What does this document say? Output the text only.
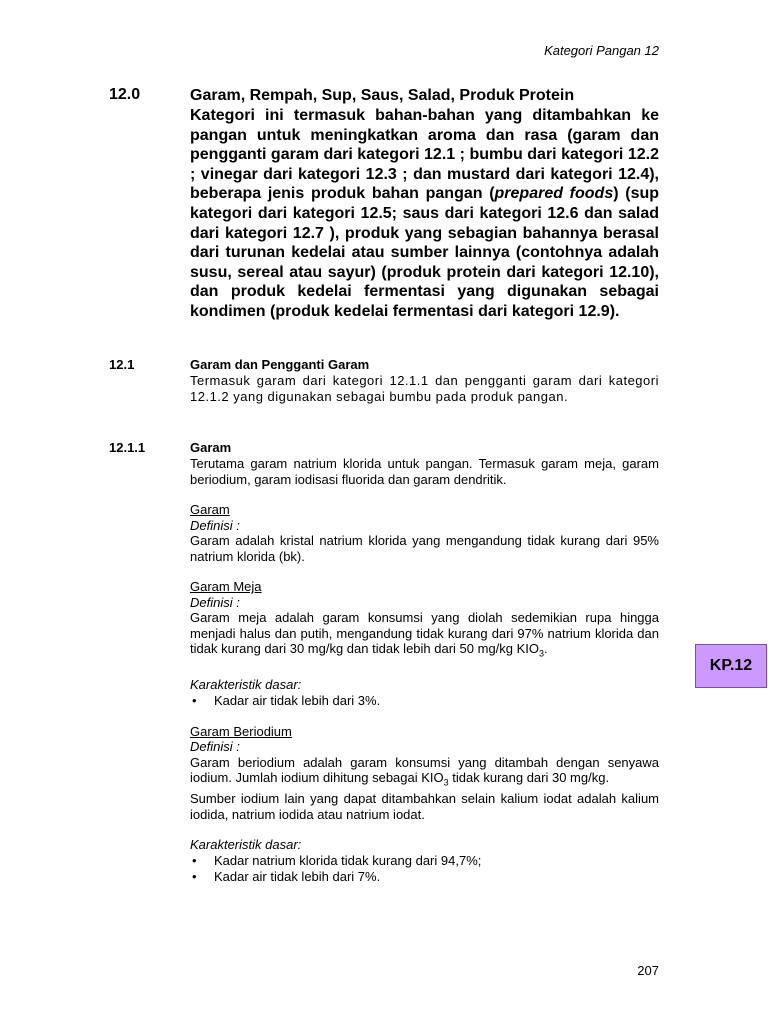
Kategori Pangan 12
12.0	Garam, Rempah, Sup, Saus, Salad, Produk Protein
Kategori ini termasuk bahan-bahan yang ditambahkan ke pangan untuk meningkatkan aroma dan rasa (garam dan pengganti garam dari kategori 12.1 ; bumbu dari kategori 12.2 ; vinegar dari kategori 12.3 ; dan mustard dari kategori 12.4), beberapa jenis produk bahan pangan (prepared foods) (sup kategori dari kategori 12.5; saus dari kategori 12.6 dan salad dari kategori 12.7 ), produk yang sebagian bahannya berasal dari turunan kedelai atau sumber lainnya (contohnya adalah susu, sereal atau sayur) (produk protein dari kategori 12.10), dan produk kedelai fermentasi yang digunakan sebagai kondimen (produk kedelai fermentasi dari kategori 12.9).
12.1	Garam dan Pengganti Garam
Termasuk garam dari kategori 12.1.1 dan pengganti garam dari kategori 12.1.2 yang digunakan sebagai bumbu pada produk pangan.
12.1.1	Garam
Terutama garam natrium klorida untuk pangan. Termasuk garam meja, garam beriodium, garam iodisasi fluorida dan garam dendritik.
Garam
Definisi :
Garam adalah kristal natrium klorida yang mengandung tidak kurang dari 95% natrium klorida (bk).
Garam Meja
Definisi :
Garam meja adalah garam konsumsi yang diolah sedemikian rupa hingga menjadi halus dan putih, mengandung tidak kurang dari 97% natrium klorida dan tidak kurang dari 30 mg/kg dan tidak lebih dari 50 mg/kg $KIO_3$.
Karakteristik dasar:
• Kadar air tidak lebih dari 3%.
Garam Beriodium
Definisi :
Garam beriodium adalah garam konsumsi yang ditambah dengan senyawa iodium. Jumlah iodium dihitung sebagai $KIO_3$ tidak kurang dari 30 mg/kg.
Sumber iodium lain yang dapat ditambahkan selain kalium iodat adalah kalium iodida, natrium iodida atau natrium iodat.
Karakteristik dasar:
• Kadar natrium klorida tidak kurang dari 94,7%;
• Kadar air tidak lebih dari 7%.
KP.12
207
